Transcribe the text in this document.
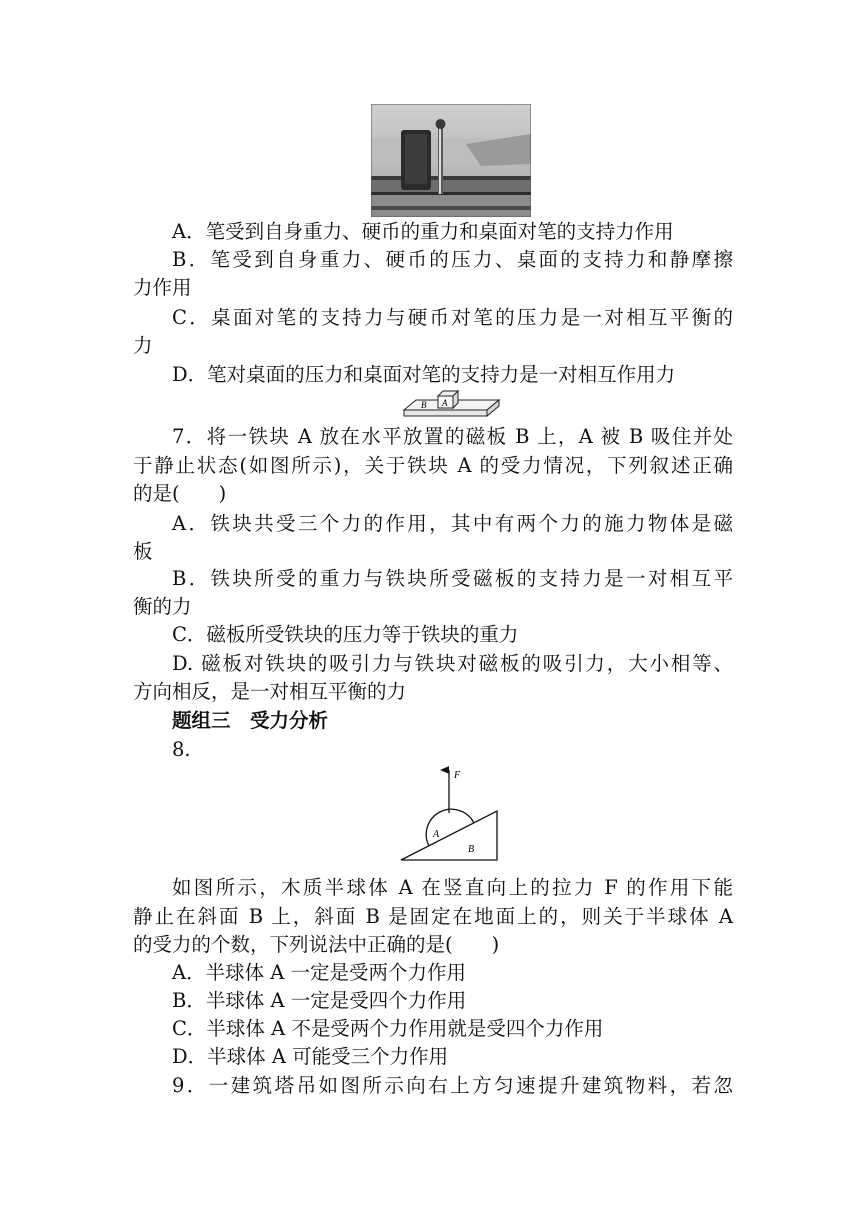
A．笔受到自身重力、硬币的重力和桌面对笔的支持力作用
B．笔受到自身重力、硬币的压力、桌面的支持力和静摩擦
力作用
C．桌面对笔的支持力与硬币对笔的压力是一对相互平衡的
力
D．笔对桌面的压力和桌面对笔的支持力是一对相互作用力
A
B
7．将一铁块 A 放在水平放置的磁板 B 上，A 被 B 吸住并处
于静止状态(如图所示)，关于铁块 A 的受力情况，下列叙述正确
的是(　　)
A．铁块共受三个力的作用，其中有两个力的施力物体是磁
板
B．铁块所受的重力与铁块所受磁板的支持力是一对相互平
衡的力
C．磁板所受铁块的压力等于铁块的重力
D. 磁板对铁块的吸引力与铁块对磁板的吸引力，大小相等、
方向相反，是一对相互平衡的力
题组三　受力分析
8.
F
A
B
如图所示，木质半球体 A 在竖直向上的拉力 F 的作用下能
静止在斜面 B 上，斜面 B 是固定在地面上的，则关于半球体 A
的受力的个数，下列说法中正确的是(　　)
A．半球体 A 一定是受两个力作用
B．半球体 A 一定是受四个力作用
C．半球体 A 不是受两个力作用就是受四个力作用
D．半球体 A 可能受三个力作用
9．一建筑塔吊如图所示向右上方匀速提升建筑物料，若忽
